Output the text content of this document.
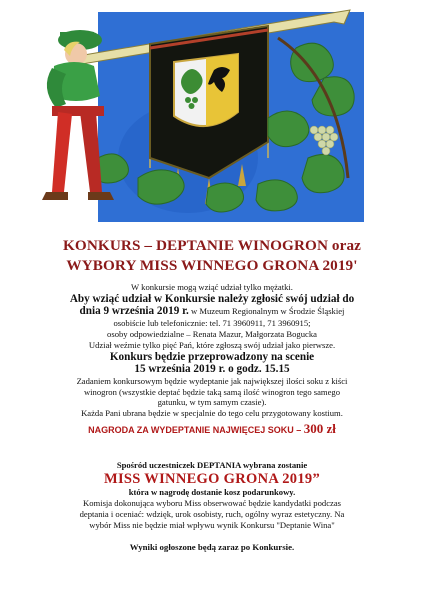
KONKURS – DEPTANIE WINOGRON oraz
WYBORY MISS WINNEGO GRONA 2019'
W konkursie mogą wziąć udział tylko mężatki.
Aby wziąć udział w Konkursie należy zgłosić swój udział do
dnia 9 września 2019 r. w Muzeum Regionalnym w Środzie Śląskiej
osobiście lub telefonicznie: tel. 71 3960911, 71 3960915;
osoby odpowiedzialne – Renata Mazur, Małgorzata Bogucka
Udział weźmie tylko pięć Pań, które zgłoszą swój udział jako pierwsze.
Konkurs będzie przeprowadzony na scenie
15 września 2019 r. o godz. 15.15
Zadaniem konkursowym będzie wydeptanie jak największej ilości soku z kiści
winogron (wszystkie deptać będzie taką samą ilość winogron tego samego
gatunku, w tym samym czasie).
Każda Pani ubrana będzie w specjalnie do tego celu przygotowany kostium.
NAGRODA ZA WYDEPTANIE NAJWIĘCEJ SOKU – 300 zł
Spośród uczestniczek DEPTANIA wybrana zostanie
MISS WINNEGO GRONA 2019”
która w nagrodę dostanie kosz podarunkowy.
Komisja dokonująca wyboru Miss obserwować będzie kandydatki podczas
deptania i oceniać: wdzięk, urok osobisty, ruch, ogólny wyraz estetyczny. Na
wybór Miss nie będzie miał wpływu wynik Konkursu "Deptanie Wina"
Wyniki ogłoszone będą zaraz po Konkursie.
